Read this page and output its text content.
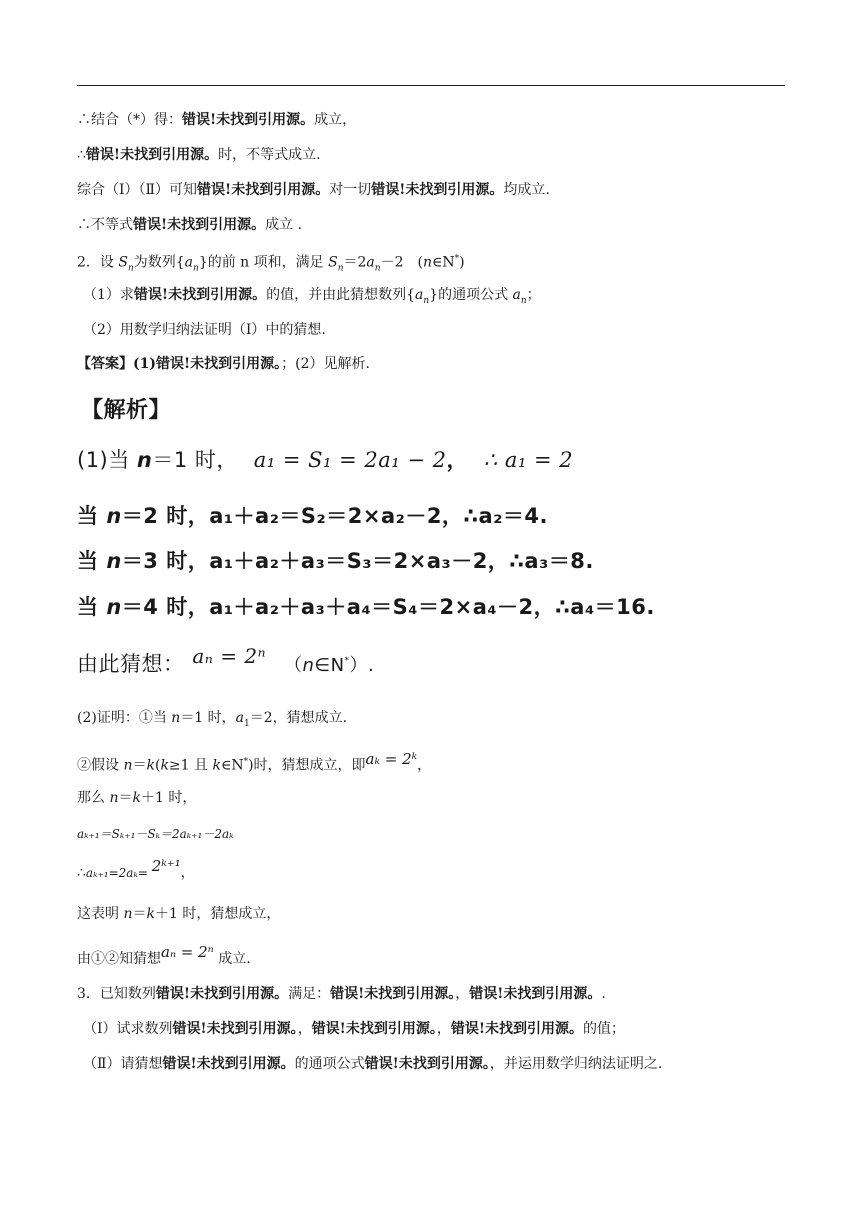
∴结合（*）得：错误!未找到引用源。成立，
∴错误!未找到引用源。时，不等式成立.
综合（Ⅰ）（Ⅱ）可知错误!未找到引用源。对一切错误!未找到引用源。均成立.
∴不等式错误!未找到引用源。成立 .
2．设 $S_n$为数列$\{a_n\}$的前 n 项和，满足 $S_n=2a_n-2$　(n∈N*)
（1）求错误!未找到引用源。的值，并由此猜想数列$\{a_n\}$的通项公式 $a_n$；
（2）用数学归纳法证明（Ⅰ）中的猜想.
【答案】(1)错误!未找到引用源。；(2）见解析.
【解析】
(1)当 n＝1 时， a₁ = S₁ = 2a₁ − 2， ∴ a₁ = 2
当 n＝2 时，a₁＋a₂＝S₂＝2×a₂－2，∴a₂＝4.
当 n＝3 时，a₁＋a₂＋a₃＝S₃＝2×a₃－2，∴a₃＝8.
当 n＝4 时，a₁＋a₂＋a₃＋a₄＝S₄＝2×a₄－2，∴a₄＝16.
由此猜想： aₙ = 2ⁿ （n∈N*）.
(2)证明：①当 n＝1 时，$a_1=2$，猜想成立.
②假设 n＝k(k≥1 且 k∈N*)时，猜想成立，即aₖ = 2ᵏ，
那么 n＝k＋1 时，
aₖ₊₁＝Sₖ₊₁－Sₖ＝2aₖ₊₁－2aₖ
∴aₖ₊₁=2aₖ= 2ᵏ⁺¹，
这表明 n＝k＋1 时，猜想成立，
由①②知猜想aₙ = 2ⁿ 成立.
3．已知数列错误!未找到引用源。满足：错误!未找到引用源。，错误!未找到引用源。.
（Ⅰ）试求数列错误!未找到引用源。，错误!未找到引用源。，错误!未找到引用源。的值；
（Ⅱ）请猜想错误!未找到引用源。的通项公式错误!未找到引用源。，并运用数学归纳法证明之.
